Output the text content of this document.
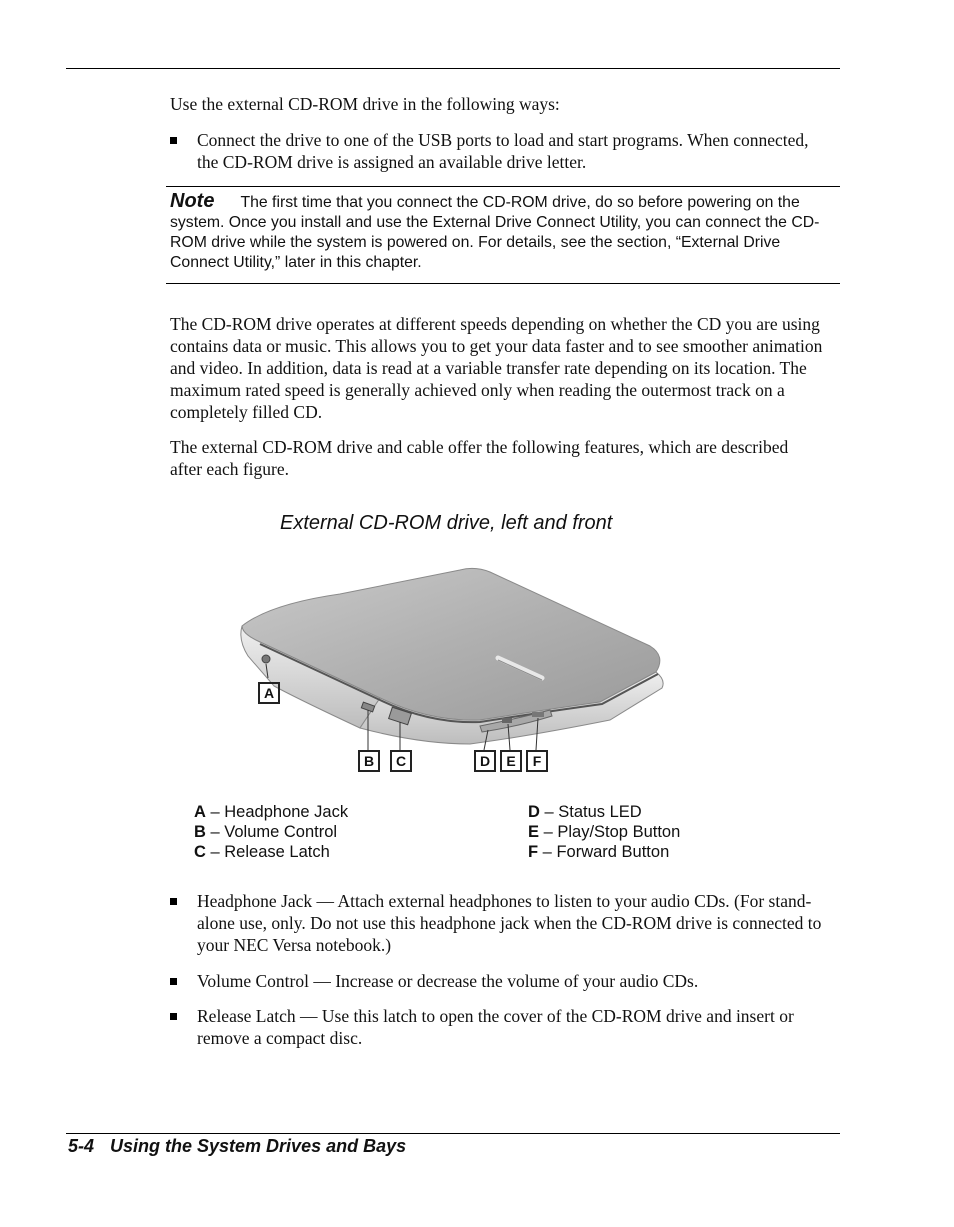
Use the external CD-ROM drive in the following ways:

Connect the drive to one of the USB ports to load and start programs. When connected, the CD-ROM drive is assigned an available drive letter.
Note The first time that you connect the CD-ROM drive, do so before powering on the system. Once you install and use the External Drive Connect Utility, you can connect the CD-ROM drive while the system is powered on. For details, see the section, “External Drive Connect Utility,” later in this chapter.

The CD-ROM drive operates at different speeds depending on whether the CD you are using contains data or music. This allows you to get your data faster and to see smoother animation and video. In addition, data is read at a variable transfer rate depending on its location. The maximum rated speed is generally achieved only when reading the outermost track on a completely filled CD.

The external CD-ROM drive and cable offer the following features, which are described after each figure.

External CD-ROM drive, left and front
A
B	C	D	E	F
A – Headphone Jack
B – Volume Control
C – Release Latch
D – Status LED
E – Play/Stop Button
F – Forward Button
Headphone Jack — Attach external headphones to listen to your audio CDs. (For stand-alone use, only. Do not use this headphone jack when the CD-ROM drive is connected to your NEC Versa notebook.)
Volume Control — Increase or decrease the volume of your audio CDs.
Release Latch — Use this latch to open the cover of the CD-ROM drive and insert or remove a compact disc.
5-4 Using the System Drives and Bays
